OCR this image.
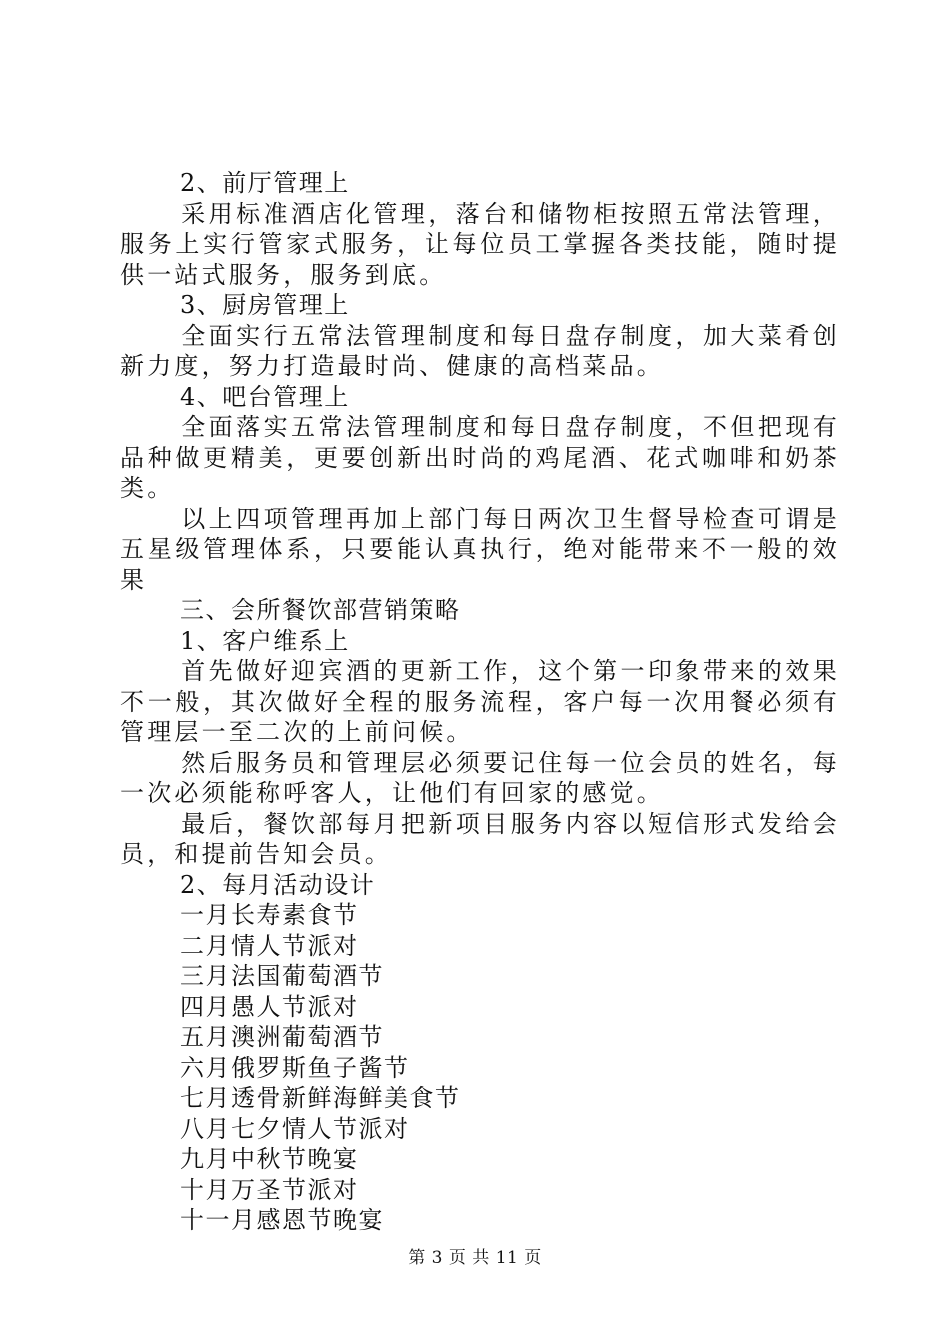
2、前厅管理上

采用标准酒店化管理，落台和储物柜按照五常法管理，服务上实行管家式服务，让每位员工掌握各类技能，随时提供一站式服务，服务到底。

3、厨房管理上

全面实行五常法管理制度和每日盘存制度，加大菜肴创新力度，努力打造最时尚、健康的高档菜品。

4、吧台管理上

全面落实五常法管理制度和每日盘存制度，不但把现有品种做更精美，更要创新出时尚的鸡尾酒、花式咖啡和奶茶类。

以上四项管理再加上部门每日两次卫生督导检查可谓是五星级管理体系，只要能认真执行，绝对能带来不一般的效果

三、会所餐饮部营销策略

1、客户维系上

首先做好迎宾酒的更新工作，这个第一印象带来的效果不一般，其次做好全程的服务流程，客户每一次用餐必须有管理层一至二次的上前问候。

然后服务员和管理层必须要记住每一位会员的姓名，每一次必须能称呼客人，让他们有回家的感觉。

最后，餐饮部每月把新项目服务内容以短信形式发给会员，和提前告知会员。

2、每月活动设计

一月长寿素食节

二月情人节派对

三月法国葡萄酒节

四月愚人节派对

五月澳洲葡萄酒节

六月俄罗斯鱼子酱节

七月透骨新鲜海鲜美食节

八月七夕情人节派对

九月中秋节晚宴

十月万圣节派对

十一月感恩节晚宴

第 3 页 共 11 页
